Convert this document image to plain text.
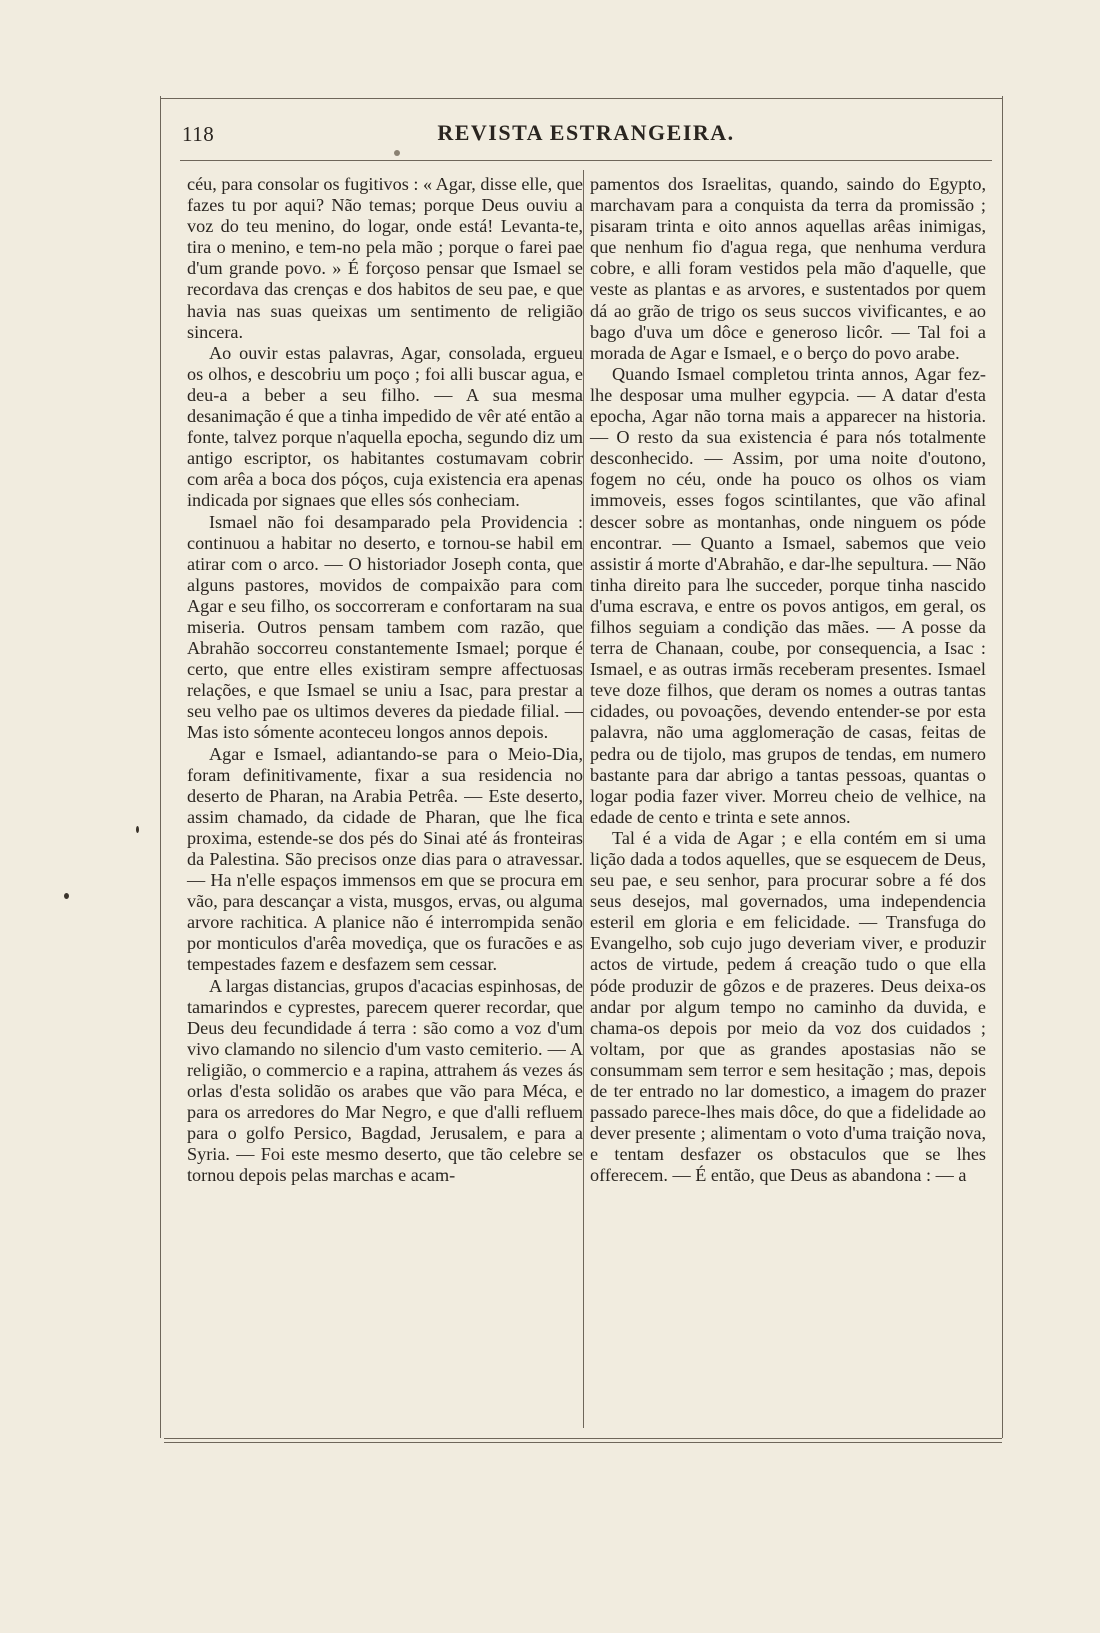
118	REVISTA ESTRANGEIRA.

céu, para consolar os fugitivos : « Agar, disse elle, que fazes tu por aqui? Não temas; porque Deus ouviu a voz do teu menino, do logar, onde está! Levanta-te, tira o menino, e tem-no pela mão ; porque o farei pae d'um grande povo. » É forçoso pensar que Ismael se recordava das crenças e dos habitos de seu pae, e que havia nas suas queixas um sentimento de religião sincera.

Ao ouvir estas palavras, Agar, consolada, ergueu os olhos, e descobriu um poço ; foi alli buscar agua, e deu-a a beber a seu filho. — A sua mesma desanimação é que a tinha impedido de vêr até então a fonte, talvez porque n'aquella epocha, segundo diz um antigo escriptor, os habitantes costumavam cobrir com arêa a boca dos póços, cuja existencia era apenas indicada por signaes que elles sós conheciam.

Ismael não foi desamparado pela Providencia : continuou a habitar no deserto, e tornou-se habil em atirar com o arco. — O historiador Joseph conta, que alguns pastores, movidos de compaixão para com Agar e seu filho, os soccorreram e confortaram na sua miseria. Outros pensam tambem com razão, que Abrahão soccorreu constantemente Ismael; porque é certo, que entre elles existiram sempre affectuosas relações, e que Ismael se uniu a Isac, para prestar a seu velho pae os ultimos deveres da piedade filial. — Mas isto sómente aconteceu longos annos depois.

Agar e Ismael, adiantando-se para o Meio-Dia, foram definitivamente, fixar a sua residencia no deserto de Pharan, na Arabia Petrêa. — Este deserto, assim chamado, da cidade de Pharan, que lhe fica proxima, estende-se dos pés do Sinai até ás fronteiras da Palestina. São precisos onze dias para o atravessar. — Ha n'elle espaços immensos em que se procura em vão, para descançar a vista, musgos, ervas, ou alguma arvore rachitica. A planice não é interrompida senão por monticulos d'arêa movediça, que os furacões e as tempestades fazem e desfazem sem cessar.

A largas distancias, grupos d'acacias espinhosas, de tamarindos e cyprestes, parecem querer recordar, que Deus deu fecundidade á terra : são como a voz d'um vivo clamando no silencio d'um vasto cemiterio. — A religião, o commercio e a rapina, attrahem ás vezes ás orlas d'esta solidão os arabes que vão para Méca, e para os arredores do Mar Negro, e que d'alli refluem para o golfo Persico, Bagdad, Jerusalem, e para a Syria. — Foi este mesmo deserto, que tão celebre se tornou depois pelas marchas e acam-

pamentos dos Israelitas, quando, saindo do Egypto, marchavam para a conquista da terra da promissão ; pisaram trinta e oito annos aquellas arêas inimigas, que nenhum fio d'agua rega, que nenhuma verdura cobre, e alli foram vestidos pela mão d'aquelle, que veste as plantas e as arvores, e sustentados por quem dá ao grão de trigo os seus succos vivificantes, e ao bago d'uva um dôce e generoso licôr. — Tal foi a morada de Agar e Ismael, e o berço do povo arabe.

Quando Ismael completou trinta annos, Agar fez-lhe desposar uma mulher egypcia. — A datar d'esta epocha, Agar não torna mais a apparecer na historia. — O resto da sua existencia é para nós totalmente desconhecido. — Assim, por uma noite d'outono, fogem no céu, onde ha pouco os olhos os viam immoveis, esses fogos scintilantes, que vão afinal descer sobre as montanhas, onde ninguem os póde encontrar. — Quanto a Ismael, sabemos que veio assistir á morte d'Abrahão, e dar-lhe sepultura. — Não tinha direito para lhe succeder, porque tinha nascido d'uma escrava, e entre os povos antigos, em geral, os filhos seguiam a condição das mães. — A posse da terra de Chanaan, coube, por consequencia, a Isac : Ismael, e as outras irmãs receberam presentes. Ismael teve doze filhos, que deram os nomes a outras tantas cidades, ou povoações, devendo entender-se por esta palavra, não uma agglomeração de casas, feitas de pedra ou de tijolo, mas grupos de tendas, em numero bastante para dar abrigo a tantas pessoas, quantas o logar podia fazer viver. Morreu cheio de velhice, na edade de cento e trinta e sete annos.

Tal é a vida de Agar ; e ella contém em si uma lição dada a todos aquelles, que se esquecem de Deus, seu pae, e seu senhor, para procurar sobre a fé dos seus desejos, mal governados, uma independencia esteril em gloria e em felicidade. — Transfuga do Evangelho, sob cujo jugo deveriam viver, e produzir actos de virtude, pedem á creação tudo o que ella póde produzir de gôzos e de prazeres. Deus deixa-os andar por algum tempo no caminho da duvida, e chama-os depois por meio da voz dos cuidados ; voltam, por que as grandes apostasias não se consummam sem terror e sem hesitação ; mas, depois de ter entrado no lar domestico, a imagem do prazer passado parece-lhes mais dôce, do que a fidelidade ao dever presente ; alimentam o voto d'uma traição nova, e tentam desfazer os obstaculos que se lhes offerecem. — É então, que Deus as abandona : — a
